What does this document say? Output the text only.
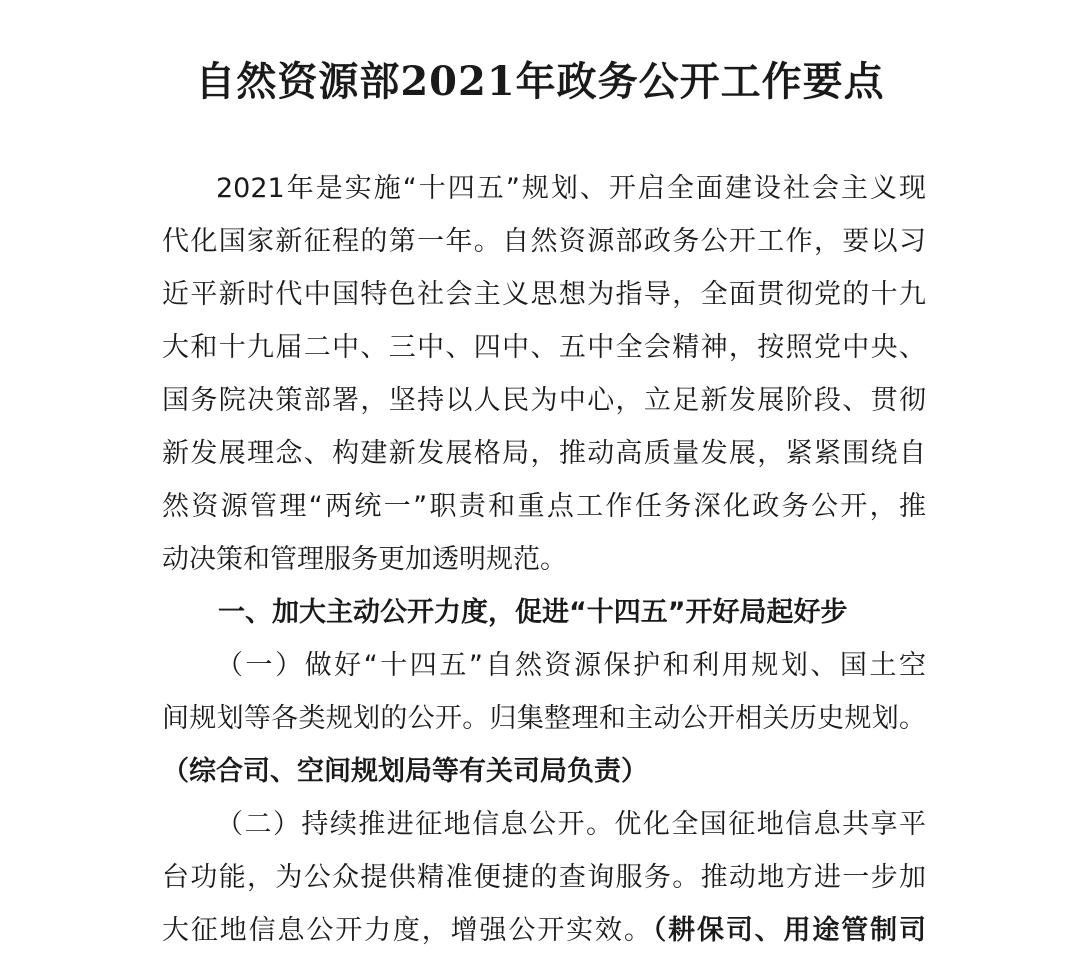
自然资源部2021年政务公开工作要点
2021年是实施“十四五”规划、开启全面建设社会主义现
代化国家新征程的第一年。自然资源部政务公开工作，要以习
近平新时代中国特色社会主义思想为指导，全面贯彻党的十九
大和十九届二中、三中、四中、五中全会精神，按照党中央、
国务院决策部署，坚持以人民为中心，立足新发展阶段、贯彻
新发展理念、构建新发展格局，推动高质量发展，紧紧围绕自
然资源管理“两统一”职责和重点工作任务深化政务公开，推
动决策和管理服务更加透明规范。
一、加大主动公开力度，促进“十四五”开好局起好步
（一）做好“十四五”自然资源保护和利用规划、国土空
间规划等各类规划的公开。归集整理和主动公开相关历史规划。
（综合司、空间规划局等有关司局负责）
（二）持续推进征地信息公开。优化全国征地信息共享平
台功能，为公众提供精准便捷的查询服务。推动地方进一步加
大征地信息公开力度，增强公开实效。（耕保司、用途管制司
